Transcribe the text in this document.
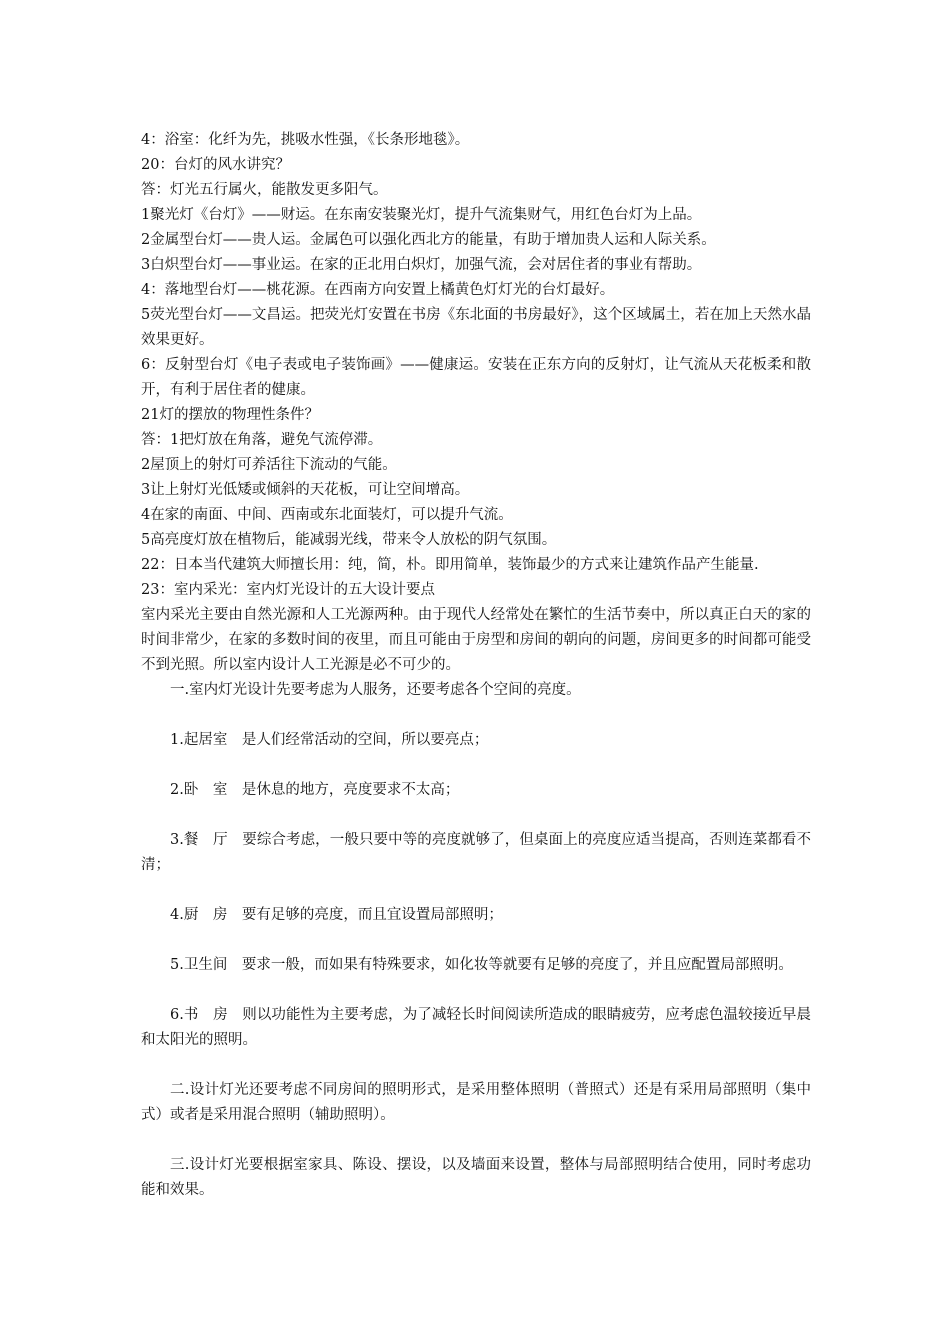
4：浴室：化纤为先，挑吸水性强，《长条形地毯》。

20：台灯的风水讲究？

答：灯光五行属火，能散发更多阳气。

1聚光灯《台灯》——财运。在东南安装聚光灯，提升气流集财气，用红色台灯为上品。

2金属型台灯——贵人运。金属色可以强化西北方的能量，有助于增加贵人运和人际关系。

3白炽型台灯——事业运。在家的正北用白炽灯，加强气流，会对居住者的事业有帮助。

4：落地型台灯——桃花源。在西南方向安置上橘黄色灯灯光的台灯最好。

5荧光型台灯——文昌运。把荧光灯安置在书房《东北面的书房最好》，这个区域属土，若在加上天然水晶效果更好。

6：反射型台灯《电子表或电子装饰画》——健康运。安装在正东方向的反射灯，让气流从天花板柔和散开，有利于居住者的健康。

21灯的摆放的物理性条件？

答：1把灯放在角落，避免气流停滞。

2屋顶上的射灯可养活往下流动的气能。

3让上射灯光低矮或倾斜的天花板，可让空间增高。

4在家的南面、中间、西南或东北面装灯，可以提升气流。

5高亮度灯放在植物后，能减弱光线，带来令人放松的阴气氛围。

22：日本当代建筑大师擅长用：纯，简，朴。即用简单，装饰最少的方式来让建筑作品产生能量.

23：室内采光：室内灯光设计的五大设计要点

室内采光主要由自然光源和人工光源两种。由于现代人经常处在繁忙的生活节奏中，所以真正白天的家的时间非常少，在家的多数时间的夜里，而且可能由于房型和房间的朝向的问题，房间更多的时间都可能受不到光照。所以室内设计人工光源是必不可少的。

一.室内灯光设计先要考虑为人服务，还要考虑各个空间的亮度。

1.起居室　是人们经常活动的空间，所以要亮点；

2.卧　室　是休息的地方，亮度要求不太高；

3.餐　厅　要综合考虑，一般只要中等的亮度就够了，但桌面上的亮度应适当提高，否则连菜都看不清；

4.厨　房　要有足够的亮度，而且宜设置局部照明；

5.卫生间　要求一般，而如果有特殊要求，如化妆等就要有足够的亮度了，并且应配置局部照明。

6.书　房　则以功能性为主要考虑，为了减轻长时间阅读所造成的眼睛疲劳，应考虑色温较接近早晨和太阳光的照明。

二.设计灯光还要考虑不同房间的照明形式，是采用整体照明（普照式）还是有采用局部照明（集中式）或者是采用混合照明（辅助照明）。

三.设计灯光要根据室家具、陈设、摆设，以及墙面来设置，整体与局部照明结合使用，同时考虑功能和效果。
